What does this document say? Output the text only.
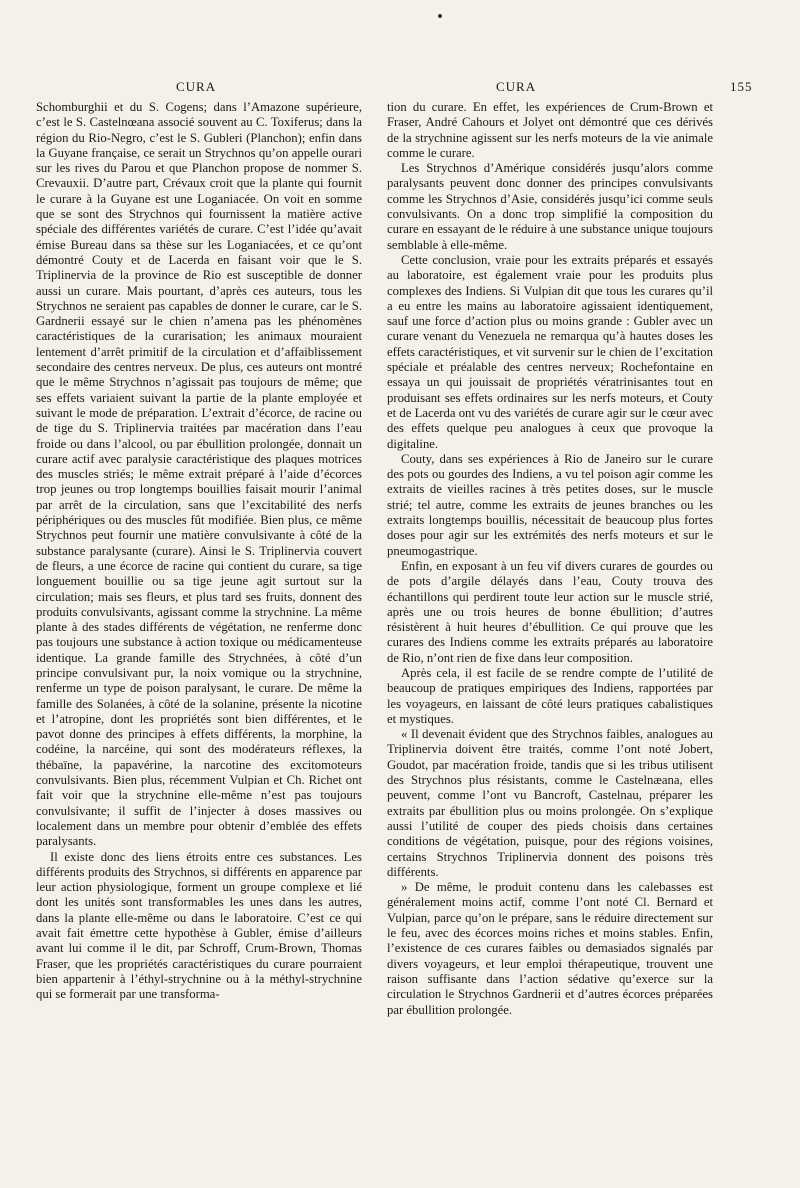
CURA	CURA	155

Schomburghii et du S. Cogens; dans l’Amazone supérieure, c’est le S. Castelnœana associé souvent au C. Toxiferus; dans la région du Rio-Negro, c’est le S. Gubleri (Planchon); enfin dans la Guyane française, ce serait un Strychnos qu’on appelle ourari sur les rives du Parou et que Planchon propose de nommer S. Crevauxii. D’autre part, Crévaux croit que la plante qui fournit le curare à la Guyane est une Loganiacée. On voit en somme que se sont des Strychnos qui fournissent la matière active spéciale des différentes variétés de curare. C’est l’idée qu’avait émise Bureau dans sa thèse sur les Loganiacées, et ce qu’ont démontré Couty et de Lacerda en faisant voir que le S. Triplinervia de la province de Rio est susceptible de donner aussi un curare. Mais pourtant, d’après ces auteurs, tous les Strychnos ne seraient pas capables de donner le curare, car le S. Gardnerii essayé sur le chien n’amena pas les phénomènes caractéristiques de la curarisation; les animaux mouraient lentement d’arrêt primitif de la circulation et d’affaiblissement secondaire des centres nerveux. De plus, ces auteurs ont montré que le même Strychnos n’agissait pas toujours de même; que ses effets variaient suivant la partie de la plante employée et suivant le mode de préparation. L’extrait d’écorce, de racine ou de tige du S. Triplinervia traitées par macération dans l’eau froide ou dans l’alcool, ou par ébullition prolongée, donnait un curare actif avec paralysie caractéristique des plaques motrices des muscles striés; le même extrait préparé à l’aide d’écorces trop jeunes ou trop longtemps bouillies faisait mourir l’animal par arrêt de la circulation, sans que l’excitabilité des nerfs périphériques ou des muscles fût modifiée. Bien plus, ce même Strychnos peut fournir une matière convulsivante à côté de la substance paralysante (curare). Ainsi le S. Triplinervia couvert de fleurs, a une écorce de racine qui contient du curare, sa tige longuement bouillie ou sa tige jeune agit surtout sur la circulation; mais ses fleurs, et plus tard ses fruits, donnent des produits convulsivants, agissant comme la strychnine. La même plante à des stades différents de végétation, ne renferme donc pas toujours une substance à action toxique ou médicamenteuse identique. La grande famille des Strychnées, à côté d’un principe convulsivant pur, la noix vomique ou la strychnine, renferme un type de poison paralysant, le curare. De même la famille des Solanées, à côté de la solanine, présente la nicotine et l’atropine, dont les propriétés sont bien différentes, et le pavot donne des principes à effets différents, la morphine, la codéine, la narcéine, qui sont des modérateurs réflexes, la thébaïne, la papavérine, la narcotine des excitomoteurs convulsivants. Bien plus, récemment Vulpian et Ch. Richet ont fait voir que la strychnine elle-même n’est pas toujours convulsivante; il suffit de l’injecter à doses massives ou localement dans un membre pour obtenir d’emblée des effets paralysants.

Il existe donc des liens étroits entre ces substances. Les différents produits des Strychnos, si différents en apparence par leur action physiologique, forment un groupe complexe et lié dont les unités sont transformables les unes dans les autres, dans la plante elle-même ou dans le laboratoire. C’est ce qui avait fait émettre cette hypothèse à Gubler, émise d’ailleurs avant lui comme il le dit, par Schroff, Crum-Brown, Thomas Fraser, que les propriétés caractéristiques du curare pourraient bien appartenir à l’éthyl-strychnine ou à la méthyl-strychnine qui se formerait par une transforma-

tion du curare. En effet, les expériences de Crum-Brown et Fraser, André Cahours et Jolyet ont démontré que ces dérivés de la strychnine agissent sur les nerfs moteurs de la vie animale comme le curare.

Les Strychnos d’Amérique considérés jusqu’alors comme paralysants peuvent donc donner des principes convulsivants comme les Strychnos d’Asie, considérés jusqu’ici comme seuls convulsivants. On a donc trop simplifié la composition du curare en essayant de le réduire à une substance unique toujours semblable à elle-même.

Cette conclusion, vraie pour les extraits préparés et essayés au laboratoire, est également vraie pour les produits plus complexes des Indiens. Si Vulpian dit que tous les curares qu’il a eu entre les mains au laboratoire agissaient identiquement, sauf une force d’action plus ou moins grande : Gubler avec un curare venant du Venezuela ne remarqua qu’à hautes doses les effets caractéristiques, et vit survenir sur le chien de l’excitation spéciale et préalable des centres nerveux; Rochefontaine en essaya un qui jouissait de propriétés vératrinisantes tout en produisant ses effets ordinaires sur les nerfs moteurs, et Couty et de Lacerda ont vu des variétés de curare agir sur le cœur avec des effets quelque peu analogues à ceux que provoque la digitaline.

Couty, dans ses expériences à Rio de Janeiro sur le curare des pots ou gourdes des Indiens, a vu tel poison agir comme les extraits de vieilles racines à très petites doses, sur le muscle strié; tel autre, comme les extraits de jeunes branches ou les extraits longtemps bouillis, nécessitait de beaucoup plus fortes doses pour agir sur les extrémités des nerfs moteurs et sur le pneumogastrique.

Enfin, en exposant à un feu vif divers curares de gourdes ou de pots d’argile délayés dans l’eau, Couty trouva des échantillons qui perdirent toute leur action sur le muscle strié, après une ou trois heures de bonne ébullition; d’autres résistèrent à huit heures d’ébullition. Ce qui prouve que les curares des Indiens comme les extraits préparés au laboratoire de Rio, n’ont rien de fixe dans leur composition.

Après cela, il est facile de se rendre compte de l’utilité de beaucoup de pratiques empiriques des Indiens, rapportées par les voyageurs, en laissant de côté leurs pratiques cabalistiques et mystiques.

« Il devenait évident que des Strychnos faibles, analogues au Triplinervia doivent être traités, comme l’ont noté Jobert, Goudot, par macération froide, tandis que si les tribus utilisent des Strychnos plus résistants, comme le Castelnæana, elles peuvent, comme l’ont vu Bancroft, Castelnau, préparer les extraits par ébullition plus ou moins prolongée. On s’explique aussi l’utilité de couper des pieds choisis dans certaines conditions de végétation, puisque, pour des régions voisines, certains Strychnos Triplinervia donnent des poisons très différents.

» De même, le produit contenu dans les calebasses est généralement moins actif, comme l’ont noté Cl. Bernard et Vulpian, parce qu’on le prépare, sans le réduire directement sur le feu, avec des écorces moins riches et moins stables. Enfin, l’existence de ces curares faibles ou demasiados signalés par divers voyageurs, et leur emploi thérapeutique, trouvent une raison suffisante dans l’action sédative qu’exerce sur la circulation le Strychnos Gardnerii et d’autres écorces préparées par ébullition prolongée.
